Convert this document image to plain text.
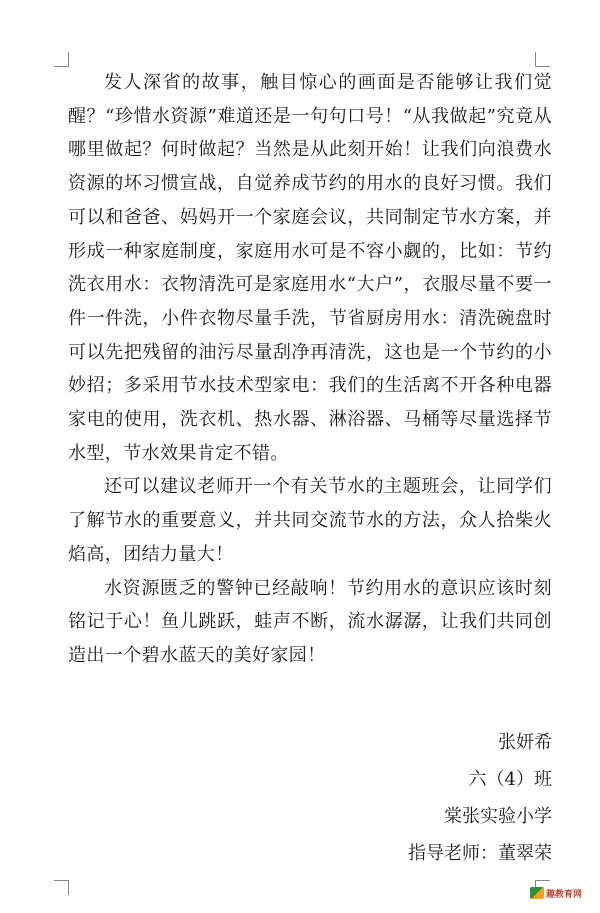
发人深省的故事，触目惊心的画面是否能够让我们觉醒？“珍惜水资源”难道还是一句句口号！“从我做起”究竟从哪里做起？何时做起？当然是从此刻开始！让我们向浪费水资源的坏习惯宣战，自觉养成节约的用水的良好习惯。我们可以和爸爸、妈妈开一个家庭会议，共同制定节水方案，并形成一种家庭制度，家庭用水可是不容小觑的，比如：节约洗衣用水：衣物清洗可是家庭用水“大户”，衣服尽量不要一件一件洗，小件衣物尽量手洗，节省厨房用水：清洗碗盘时可以先把残留的油污尽量刮净再清洗，这也是一个节约的小妙招；多采用节水技术型家电：我们的生活离不开各种电器家电的使用，洗衣机、热水器、淋浴器、马桶等尽量选择节水型，节水效果肯定不错。

还可以建议老师开一个有关节水的主题班会，让同学们了解节水的重要意义，并共同交流节水的方法，众人拾柴火焰高，团结力量大！

水资源匮乏的警钟已经敲响！节约用水的意识应该时刻铭记于心！鱼儿跳跃，蛙声不断，流水潺潺，让我们共同创造出一个碧水蓝天的美好家园！

张妍希
六（4）班
棠张实验小学
指导老师：董翠荣
趣教育网
